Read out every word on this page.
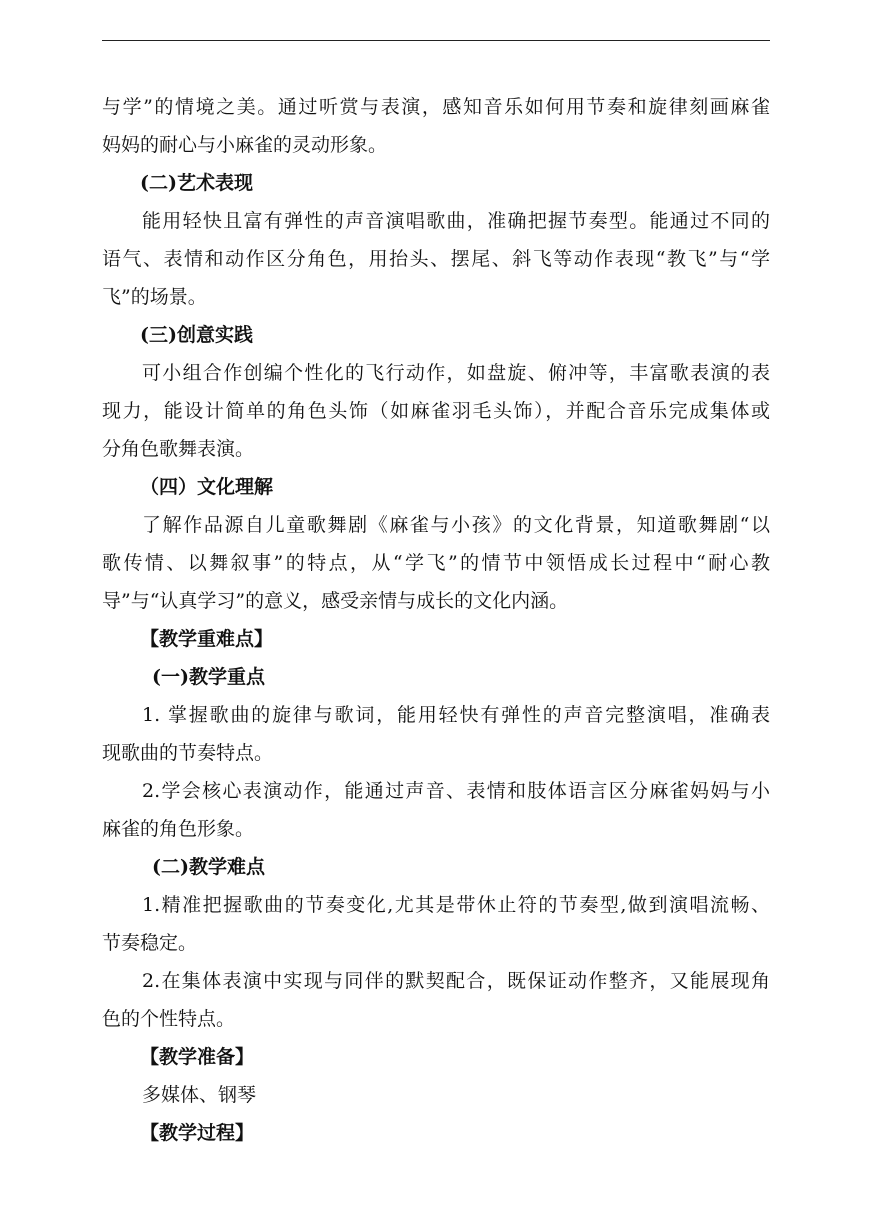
与学”的情境之美。通过听赏与表演，感知音乐如何用节奏和旋律刻画麻雀
妈妈的耐心与小麻雀的灵动形象。
(二)艺术表现
能用轻快且富有弹性的声音演唱歌曲，准确把握节奏型。能通过不同的
语气、表情和动作区分角色，用抬头、摆尾、斜飞等动作表现“教飞”与“学
飞”的场景。
(三)创意实践
可小组合作创编个性化的飞行动作，如盘旋、俯冲等，丰富歌表演的表
现力，能设计简单的角色头饰（如麻雀羽毛头饰），并配合音乐完成集体或
分角色歌舞表演。
（四）文化理解
了解作品源自儿童歌舞剧《麻雀与小孩》的文化背景，知道歌舞剧“以
歌传情、以舞叙事”的特点，从“学飞”的情节中领悟成长过程中“耐心教
导”与“认真学习”的意义，感受亲情与成长的文化内涵。
【教学重难点】
(一)教学重点
1. 掌握歌曲的旋律与歌词，能用轻快有弹性的声音完整演唱，准确表
现歌曲的节奏特点。
2.学会核心表演动作，能通过声音、表情和肢体语言区分麻雀妈妈与小
麻雀的角色形象。
(二)教学难点
1.精准把握歌曲的节奏变化,尤其是带休止符的节奏型,做到演唱流畅、
节奏稳定。
2.在集体表演中实现与同伴的默契配合，既保证动作整齐，又能展现角
色的个性特点。
【教学准备】
多媒体、钢琴
【教学过程】
